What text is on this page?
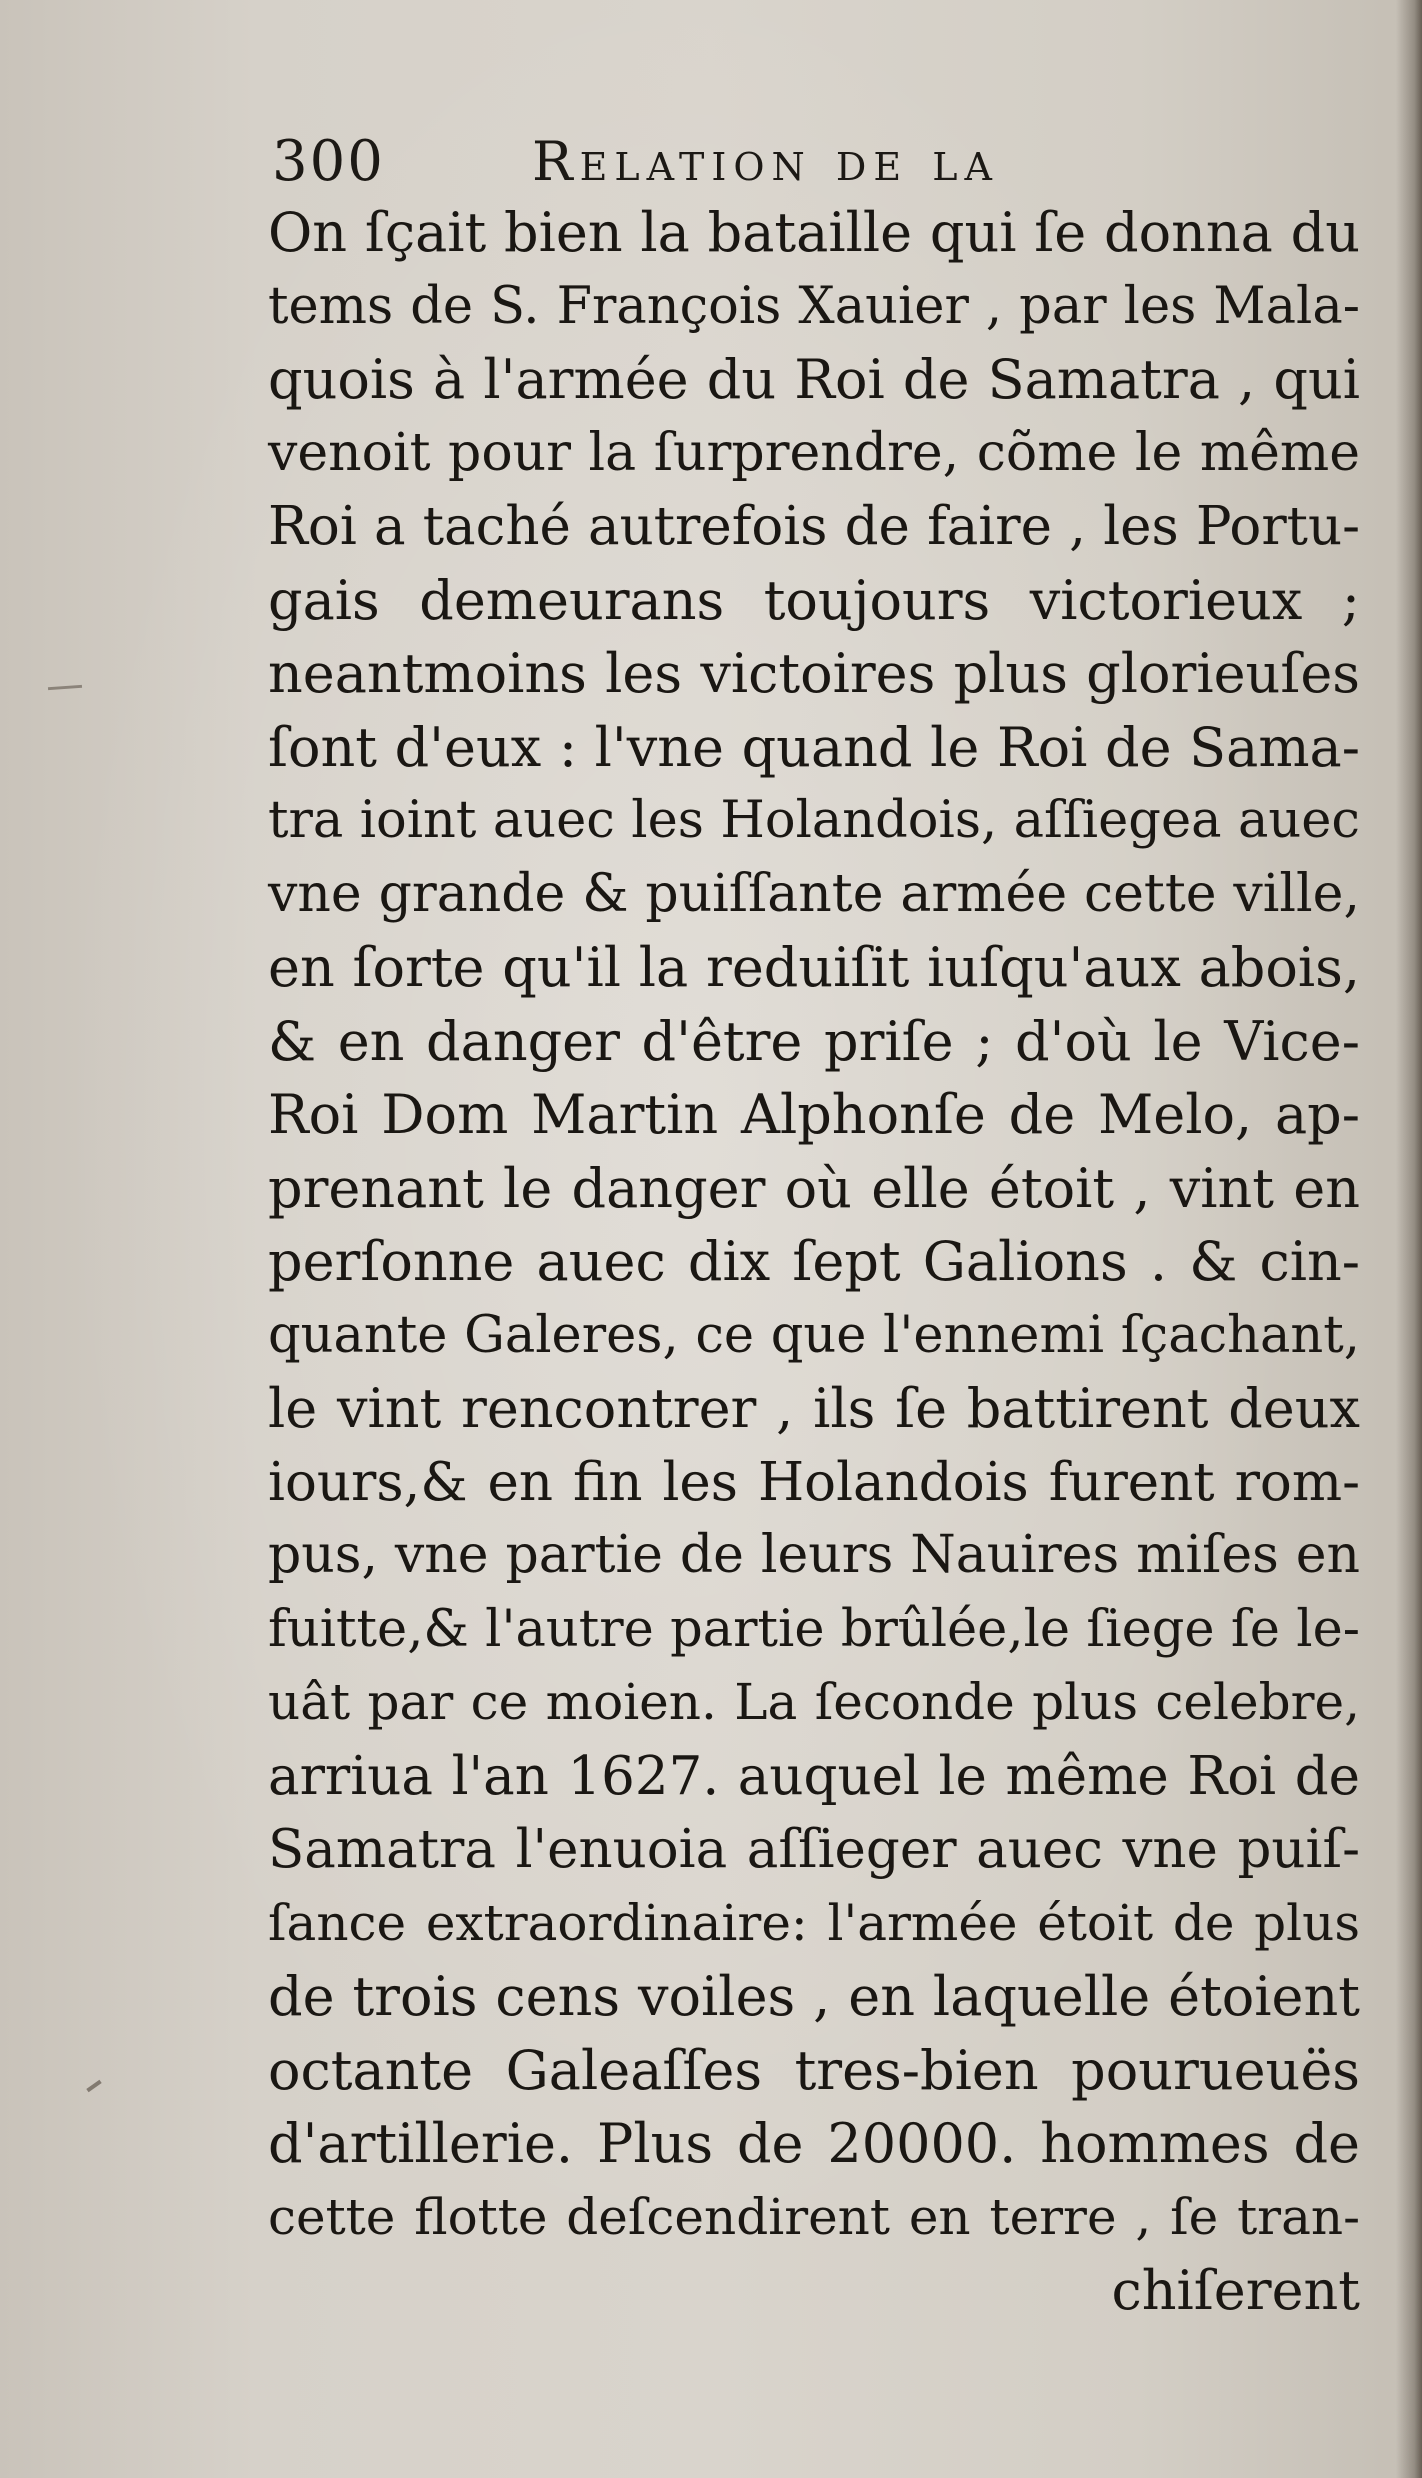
300	Relation de la
On ſçait bien la bataille qui ſe donna du
tems de S. François Xauier , par les Mala-
quois à l'armée du Roi de Samatra , qui
venoit pour la ſurprendre, cõme le même
Roi a taché autrefois de faire , les Portu-
gais demeurans toujours victorieux ;
neantmoins les victoires plus glorieuſes
ſont d'eux : l'vne quand le Roi de Sama-
tra ioint auec les Holandois, aſſiegea auec
vne grande & puiſſante armée cette ville,
en ſorte qu'il la reduiſit iuſqu'aux abois,
& en danger d'être priſe ; d'où le Vice-
Roi Dom Martin Alphonſe de Melo, ap-
prenant le danger où elle étoit , vint en
perſonne auec dix ſept Galions . & cin-
quante Galeres, ce que l'ennemi ſçachant,
le vint rencontrer , ils ſe battirent deux
iours,& en fin les Holandois furent rom-
pus, vne partie de leurs Nauires miſes en
fuitte,& l'autre partie brûlée,le ſiege ſe le-
uât par ce moien. La ſeconde plus celebre,
arriua l'an 1627. auquel le même Roi de
Samatra l'enuoia aſſieger auec vne puiſ-
ſance extraordinaire: l'armée étoit de plus
de trois cens voiles , en laquelle étoient
octante Galeaſſes tres-bien pourueuës
d'artillerie. Plus de 20000. hommes de
cette flotte deſcendirent en terre , ſe tran-
chiſerent
